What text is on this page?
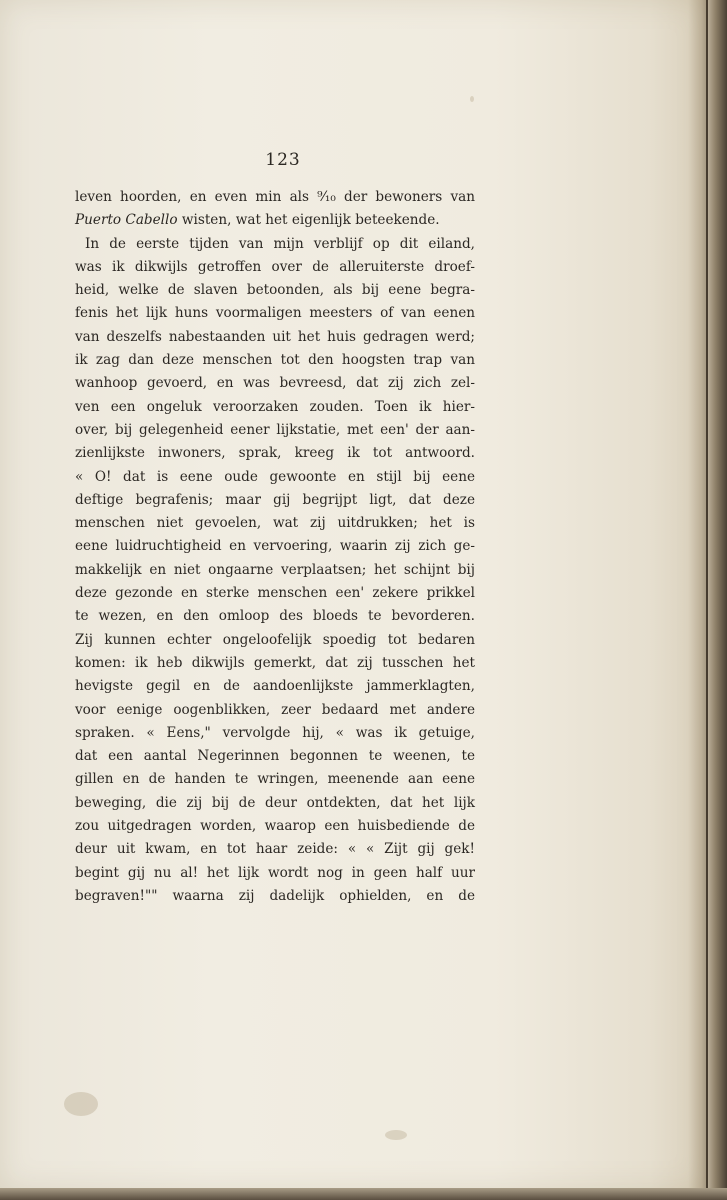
123
leven hoorden, en even min als ⁹⁄₁₀ der bewoners van
Puerto Cabello wisten, wat het eigenlijk beteekende.
In de eerste tijden van mijn verblijf op dit eiland,
was ik dikwijls getroffen over de alleruiterste droef-
heid, welke de slaven betoonden, als bij eene begra-
fenis het lijk huns voormaligen meesters of van eenen
van deszelfs nabestaanden uit het huis gedragen werd;
ik zag dan deze menschen tot den hoogsten trap van
wanhoop gevoerd, en was bevreesd, dat zij zich zel-
ven een ongeluk veroorzaken zouden. Toen ik hier-
over, bij gelegenheid eener lijkstatie, met een' der aan-
zienlijkste inwoners, sprak, kreeg ik tot antwoord.
« O! dat is eene oude gewoonte en stijl bij eene
deftige begrafenis; maar gij begrijpt ligt, dat deze
menschen niet gevoelen, wat zij uitdrukken; het is
eene luidruchtigheid en vervoering, waarin zij zich ge-
makkelijk en niet ongaarne verplaatsen; het schijnt bij
deze gezonde en sterke menschen een' zekere prikkel
te wezen, en den omloop des bloeds te bevorderen.
Zij kunnen echter ongeloofelijk spoedig tot bedaren
komen: ik heb dikwijls gemerkt, dat zij tusschen het
hevigste gegil en de aandoenlijkste jammerklagten,
voor eenige oogenblikken, zeer bedaard met andere
spraken. « Eens," vervolgde hij, « was ik getuige,
dat een aantal Negerinnen begonnen te weenen, te
gillen en de handen te wringen, meenende aan eene
beweging, die zij bij de deur ontdekten, dat het lijk
zou uitgedragen worden, waarop een huisbediende de
deur uit kwam, en tot haar zeide: « « Zijt gij gek!
begint gij nu al! het lijk wordt nog in geen half uur
begraven!"" waarna zij dadelijk ophielden, en de
